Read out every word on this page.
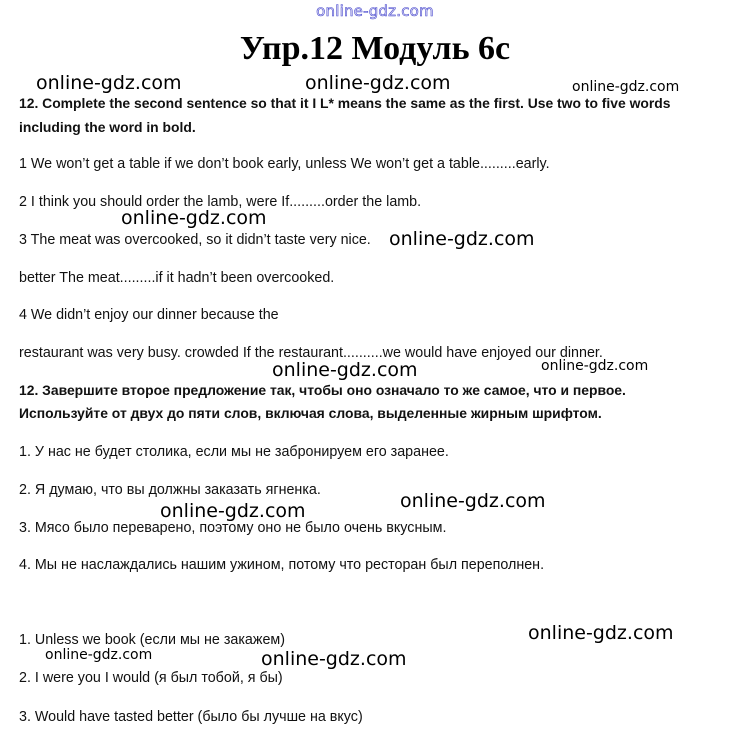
online-gdz.com
Упр.12 Модуль 6с
online-gdz.com	online-gdz.com	online-gdz.com
online-gdz.com
online-gdz.com	online-gdz.com
online-gdz.com
online-gdz.com
online-gdz.com
online-gdz.com	online-gdz.com
12. Complete the second sentence so that it I L* means the same as the first. Use two to five words
including the word in bold.
1 We won’t get a table if we don’t book early, unless We won’t get a table.........early.
2 I think you should order the lamb, were If.........order the lamb.
3 The meat was overcooked, so it didn’t taste very nice. online-gdz.com
better The meat.........if it hadn’t been overcooked.
4 We didn’t enjoy our dinner because the
restaurant was very busy. crowded If the restaurant..........we would have enjoyed our dinner.
12. Завершите второе предложение так, чтобы оно означало то же самое, что и первое.
Используйте от двух до пяти слов, включая слова, выделенные жирным шрифтом.
1. У нас не будет столика, если мы не забронируем его заранее.
2. Я думаю, что вы должны заказать ягненка.
3. Мясо было переварено, поэтому оно не было очень вкусным.
4. Мы не наслаждались нашим ужином, потому что ресторан был переполнен.
1. Unless we book (если мы не закажем)
2. I were you I would (я был тобой, я бы)
3. Would have tasted better (было бы лучше на вкус)
